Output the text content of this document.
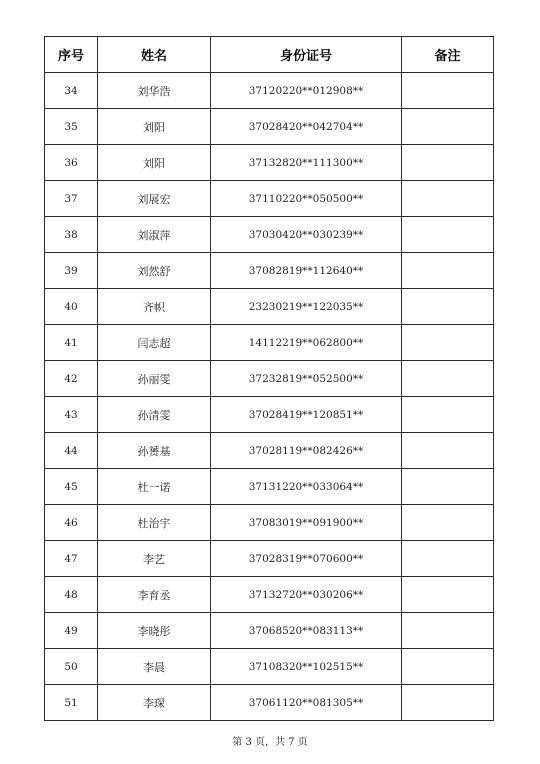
序号	姓名	身份证号	备注
34	刘华浩	37120220**012908**	
35	刘阳	37028420**042704**	
36	刘阳	37132820**111300**	
37	刘展宏	37110220**050500**	
38	刘淑萍	37030420**030239**	
39	刘然舒	37082819**112640**	
40	齐帜	23230219**122035**	
41	闫志超	14112219**062800**	
42	孙丽雯	37232819**052500**	
43	孙清雯	37028419**120851**	
44	孙赟基	37028119**082426**	
45	杜一诺	37131220**033064**	
46	杜治宇	37083019**091900**	
47	李艺	37028319**070600**	
48	李育丞	37132720**030206**	
49	李晓彤	37068520**083113**	
50	李晨	37108320**102515**	
51	李琛	37061120**081305**	
第 3 页，共 7 页
